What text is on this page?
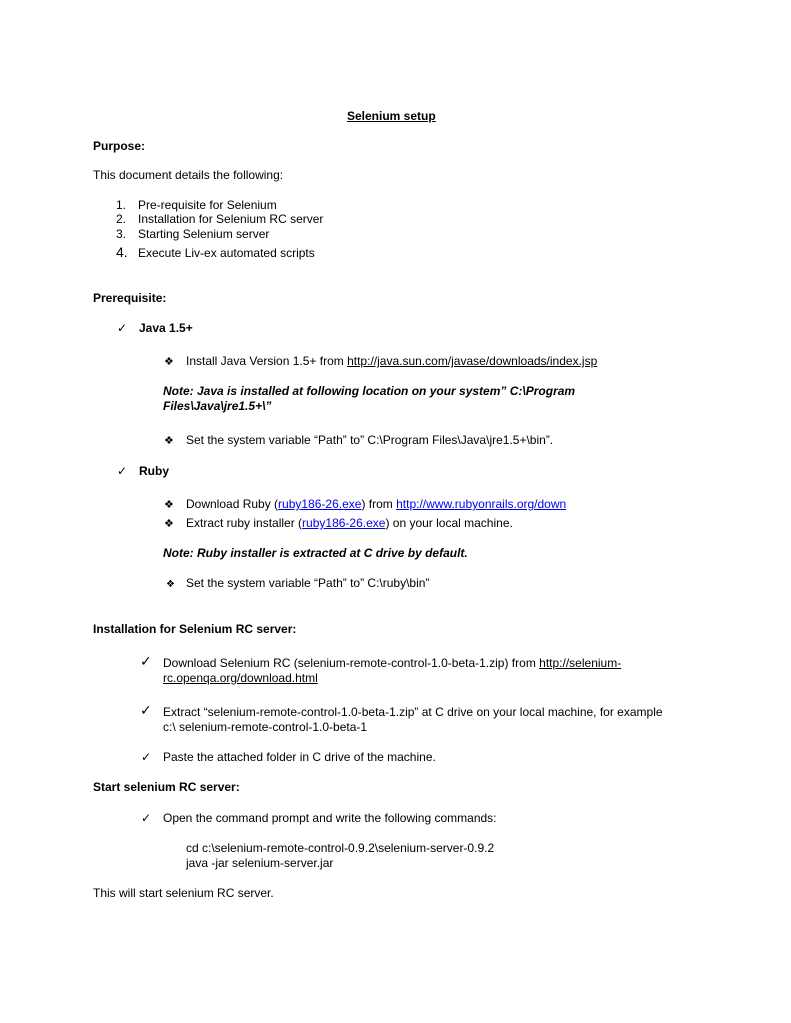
Selenium setup
Purpose:
This document details the following:
1. Pre-requisite for Selenium
2. Installation for Selenium RC server
3. Starting Selenium server
4. Execute Liv-ex automated scripts
Prerequisite:
✓ Java 1.5+
❖ Install Java Version 1.5+ from http://java.sun.com/javase/downloads/index.jsp
Note: Java is installed at following location on your system” C:\Program
Files\Java\jre1.5+\”
❖ Set the system variable “Path” to” C:\Program Files\Java\jre1.5+\bin”.
✓ Ruby
❖ Download Ruby (ruby186-26.exe) from http://www.rubyonrails.org/down
❖ Extract ruby installer (ruby186-26.exe) on your local machine.
Note: Ruby installer is extracted at C drive by default.
❖ Set the system variable “Path” to” C:\ruby\bin”
Installation for Selenium RC server:
✓ Download Selenium RC (selenium-remote-control-1.0-beta-1.zip) from http://selenium-
rc.openqa.org/download.html
✓ Extract “selenium-remote-control-1.0-beta-1.zip” at C drive on your local machine, for example
c:\ selenium-remote-control-1.0-beta-1
✓ Paste the attached folder in C drive of the machine.
Start selenium RC server:
✓ Open the command prompt and write the following commands:
cd c:\selenium-remote-control-0.9.2\selenium-server-0.9.2
java -jar selenium-server.jar
This will start selenium RC server.
